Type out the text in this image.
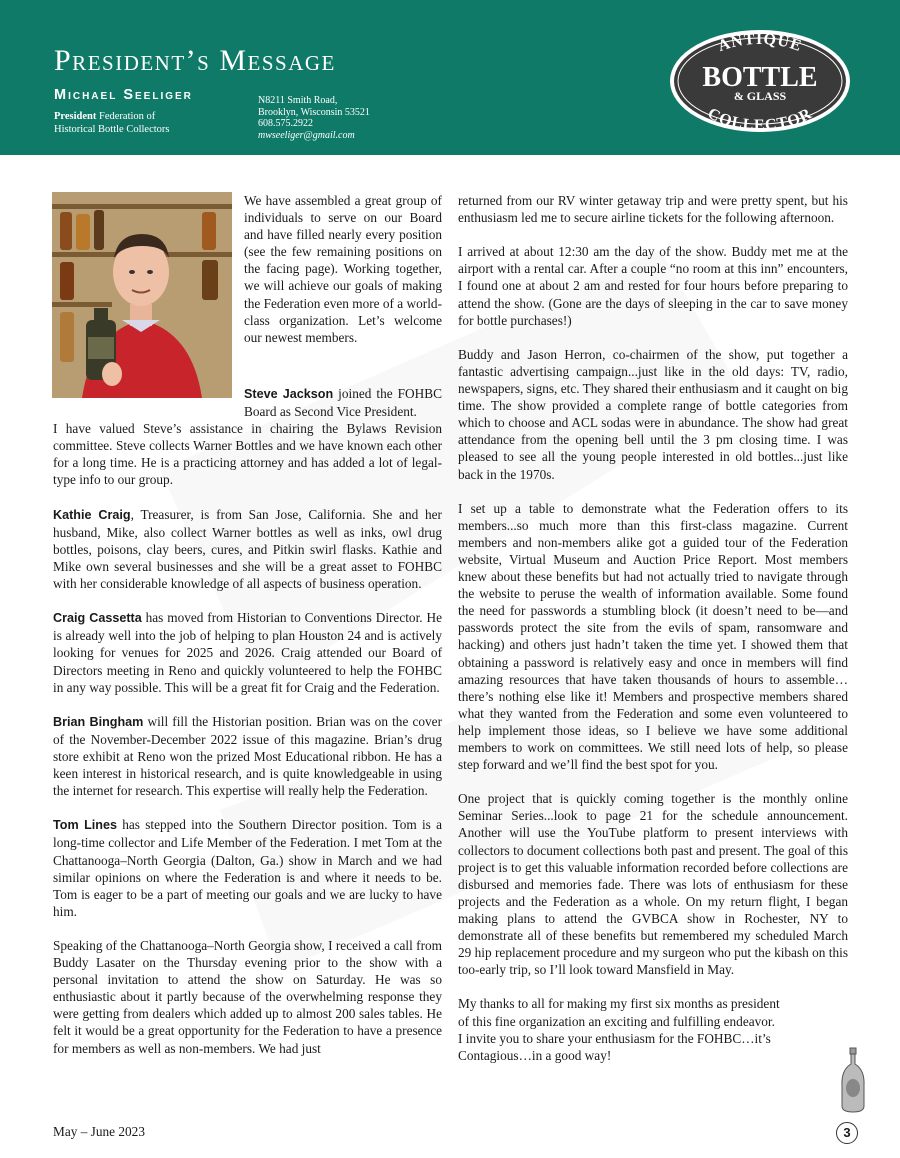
President’s Message
Michael Seeliger
President Federation of
Historical Bottle Collectors
N8211 Smith Road,
Brooklyn, Wisconsin 53521
608.575.2922
mwseeliger@gmail.com
ANTIQUE
BOTTLE
& GLASS
COLLECTOR
We have assembled a great group of individuals to serve on our Board and have filled nearly every position (see the few remaining positions on the facing page). Working together, we will achieve our goals of making the Federation even more of a world-class organization. Let’s welcome our newest members.

Steve Jackson joined the FOHBC Board as Second Vice President.
I have valued Steve’s assistance in chairing the Bylaws Revision committee. Steve collects Warner Bottles and we have known each other for a long time. He is a practicing attorney and has added a lot of legal-type info to our group.

Kathie Craig, Treasurer, is from San Jose, California. She and her husband, Mike, also collect Warner bottles as well as inks, owl drug bottles, poisons, clay beers, cures, and Pitkin swirl flasks. Kathie and Mike own several businesses and she will be a great asset to FOHBC with her considerable knowledge of all aspects of business operation.

Craig Cassetta has moved from Historian to Conventions Director. He is already well into the job of helping to plan Houston 24 and is actively looking for venues for 2025 and 2026. Craig attended our Board of Directors meeting in Reno and quickly volunteered to help the FOHBC in any way possible. This will be a great fit for Craig and the Federation.

Brian Bingham will fill the Historian position. Brian was on the cover of the November-December 2022 issue of this magazine. Brian’s drug store exhibit at Reno won the prized Most Educational ribbon. He has a keen interest in historical research, and is quite knowledgeable in using the internet for research. This expertise will really help the Federation.

Tom Lines has stepped into the Southern Director position. Tom is a long-time collector and Life Member of the Federation. I met Tom at the Chattanooga–North Georgia (Dalton, Ga.) show in March and we had similar opinions on where the Federation is and where it needs to be. Tom is eager to be a part of meeting our goals and we are lucky to have him.

Speaking of the Chattanooga–North Georgia show, I received a call from Buddy Lasater on the Thursday evening prior to the show with a personal invitation to attend the show on Saturday. He was so enthusiastic about it partly because of the overwhelming response they were getting from dealers which added up to almost 200 sales tables. He felt it would be a great opportunity for the Federation to have a presence for members as well as non-members. We had just

returned from our RV winter getaway trip and were pretty spent, but his enthusiasm led me to secure airline tickets for the following afternoon.

I arrived at about 12:30 am the day of the show. Buddy met me at the airport with a rental car. After a couple “no room at this inn” encounters, I found one at about 2 am and rested for four hours before preparing to attend the show. (Gone are the days of sleeping in the car to save money for bottle purchases!)

Buddy and Jason Herron, co-chairmen of the show, put together a fantastic advertising campaign...just like in the old days: TV, radio, newspapers, signs, etc. They shared their enthusiasm and it caught on big time. The show provided a complete range of bottle categories from which to choose and ACL sodas were in abundance. The show had great attendance from the opening bell until the 3 pm closing time. I was pleased to see all the young people interested in old bottles...just like back in the 1970s.

I set up a table to demonstrate what the Federation offers to its members...so much more than this first-class magazine. Current members and non-members alike got a guided tour of the Federation website, Virtual Museum and Auction Price Report. Most members knew about these benefits but had not actually tried to navigate through the website to peruse the wealth of information available. Some found the need for passwords a stumbling block (it doesn’t need to be—and passwords protect the site from the evils of spam, ransomware and hacking) and others just hadn’t taken the time yet. I showed them that obtaining a password is relatively easy and once in members will find amazing resources that have taken thousands of hours to assemble…there’s nothing else like it! Members and prospective members shared what they wanted from the Federation and some even volunteered to help implement those ideas, so I believe we have some additional members to work on committees. We still need lots of help, so please step forward and we’ll find the best spot for you.

One project that is quickly coming together is the monthly online Seminar Series...look to page 21 for the schedule announcement. Another will use the YouTube platform to present interviews with collectors to document collections both past and present. The goal of this project is to get this valuable information recorded before collections are disbursed and memories fade. There was lots of enthusiasm for these projects and the Federation as a whole. On my return flight, I began making plans to attend the GVBCA show in Rochester, NY to demonstrate all of these benefits but remembered my scheduled March 29 hip replacement procedure and my surgeon who put the kibash on this too-early trip, so I’ll look toward Mansfield in May.

My thanks to all for making my first six months as president
of this fine organization an exciting and fulfilling endeavor.
I invite you to share your enthusiasm for the FOHBC…it’s
Contagious…in a good way!
May – June 2023	3
